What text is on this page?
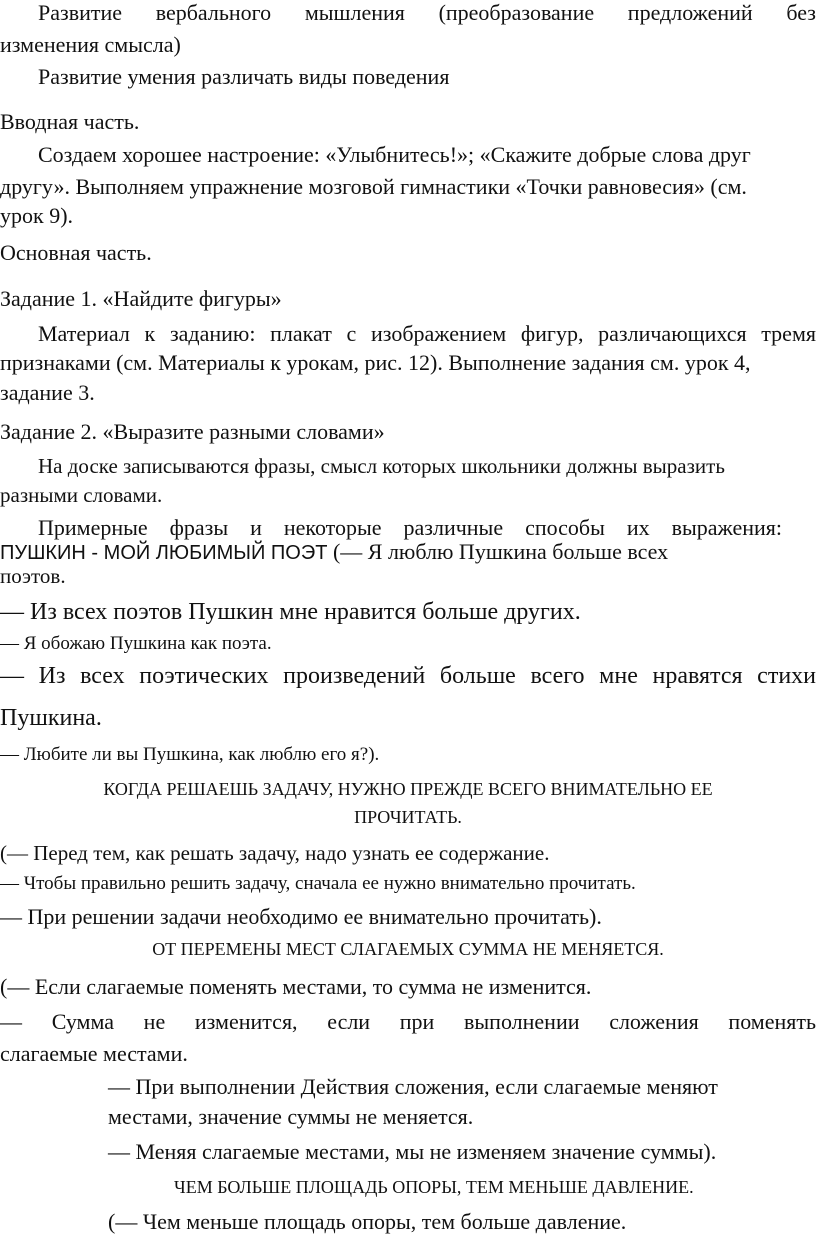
Развитие вербального мышления (преобразование предложений без

изменения смысла)

Развитие умения различать виды поведения

Вводная часть.

Создаем хорошее настроение: «Улыбнитесь!»; «Скажите добрые слова друг

другу». Выполняем упражнение мозговой гимнастики «Точки равновесия» (см.

урок 9).

Основная часть.

Задание 1. «Найдите фигуры»

Материал к заданию: плакат с изображением фигур, различающихся тремя

признаками (см. Материалы к урокам, рис. 12). Выполнение задания см. урок 4,

задание 3.

Задание 2. «Выразите разными словами»

На доске записываются фразы, смысл которых школьники должны выразить

разными словами.

Примерные фразы и некоторые различные способы их выражения:

ПУШКИН - МОЙ ЛЮБИМЫЙ ПОЭТ (— Я люблю Пушкина больше всех

поэтов.

— Из всех поэтов Пушкин мне нравится больше других.

— Я обожаю Пушкина как поэта.

— Из всех поэтических произведений больше всего мне нравятся стихи

Пушкина.

— Любите ли вы Пушкина, как люблю его я?).

КОГДА РЕШАЕШЬ ЗАДАЧУ, НУЖНО ПРЕЖДЕ ВСЕГО ВНИМАТЕЛЬНО ЕЕ

ПРОЧИТАТЬ.

(— Перед тем, как решать задачу, надо узнать ее содержание.

— Чтобы правильно решить задачу, сначала ее нужно внимательно прочитать.

— При решении задачи необходимо ее внимательно прочитать).

ОТ ПЕРЕМЕНЫ МЕСТ СЛАГАЕМЫХ СУММА НЕ МЕНЯЕТСЯ.

(— Если слагаемые поменять местами, то сумма не изменится.

— Сумма не изменится, если при выполнении сложения поменять

слагаемые местами.

— При выполнении Действия сложения, если слагаемые меняют

местами, значение суммы не меняется.

— Меняя слагаемые местами, мы не изменяем значение суммы).

ЧЕМ БОЛЬШЕ ПЛОЩАДЬ ОПОРЫ, ТЕМ МЕНЬШЕ ДАВЛЕНИЕ.

(— Чем меньше площадь опоры, тем больше давление.
